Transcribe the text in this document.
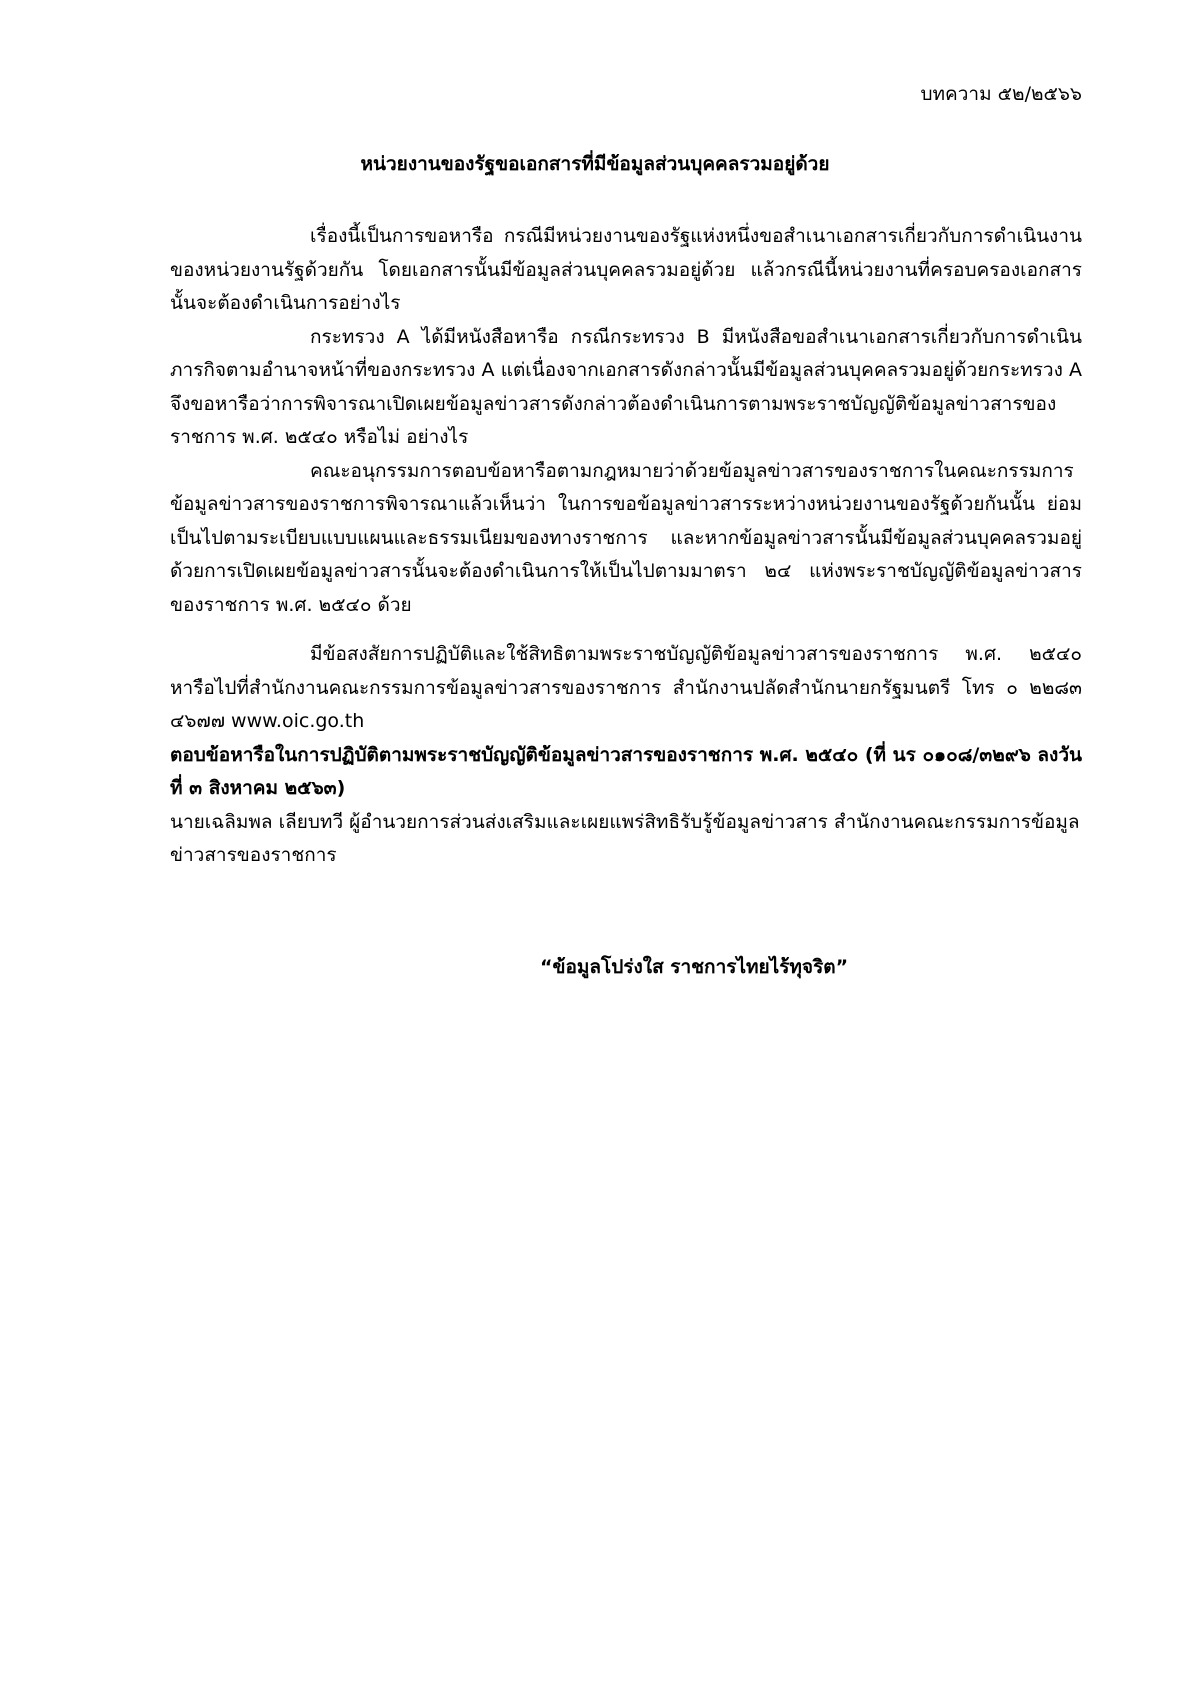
บทความ ๕๒/๒๕๖๖
หน่วยงานของรัฐขอเอกสารที่มีข้อมูลส่วนบุคคลรวมอยู่ด้วย

เรื่องนี้เป็นการขอหารือ กรณีมีหน่วยงานของรัฐแห่งหนึ่งขอสำเนาเอกสารเกี่ยวกับการดำเนินงานของหน่วยงานรัฐด้วยกัน โดยเอกสารนั้นมีข้อมูลส่วนบุคคลรวมอยู่ด้วย แล้วกรณีนี้หน่วยงานที่ครอบครองเอกสารนั้นจะต้องดำเนินการอย่างไร

กระทรวง A ได้มีหนังสือหารือ กรณีกระทรวง B มีหนังสือขอสำเนาเอกสารเกี่ยวกับการดำเนินภารกิจตามอำนาจหน้าที่ของกระทรวง A แต่เนื่องจากเอกสารดังกล่าวนั้นมีข้อมูลส่วนบุคคลรวมอยู่ด้วยกระทรวง A จึงขอหารือว่าการพิจารณาเปิดเผยข้อมูลข่าวสารดังกล่าวต้องดำเนินการตามพระราชบัญญัติข้อมูลข่าวสารของราชการ พ.ศ. ๒๕๔๐ หรือไม่ อย่างไร

คณะอนุกรรมการตอบข้อหารือตามกฎหมายว่าด้วยข้อมูลข่าวสารของราชการในคณะกรรมการข้อมูลข่าวสารของราชการพิจารณาแล้วเห็นว่า ในการขอข้อมูลข่าวสารระหว่างหน่วยงานของรัฐด้วยกันนั้น ย่อมเป็นไปตามระเบียบแบบแผนและธรรมเนียมของทางราชการ และหากข้อมูลข่าวสารนั้นมีข้อมูลส่วนบุคคลรวมอยู่ด้วยการเปิดเผยข้อมูลข่าวสารนั้นจะต้องดำเนินการให้เป็นไปตามมาตรา ๒๔ แห่งพระราชบัญญัติข้อมูลข่าวสารของราชการ พ.ศ. ๒๕๔๐ ด้วย

มีข้อสงสัยการปฏิบัติและใช้สิทธิตามพระราชบัญญัติข้อมูลข่าวสารของราชการ พ.ศ. ๒๕๔๐ หารือไปที่สำนักงานคณะกรรมการข้อมูลข่าวสารของราชการ สำนักงานปลัดสำนักนายกรัฐมนตรี โทร ๐ ๒๒๘๓ ๔๖๗๗ www.oic.go.th

ตอบข้อหารือในการปฏิบัติตามพระราชบัญญัติข้อมูลข่าวสารของราชการ พ.ศ. ๒๕๔๐ (ที่ นร ๐๑๐๘/๓๒๙๖ ลงวันที่ ๓ สิงหาคม ๒๕๖๓)

นายเฉลิมพล เลียบทวี ผู้อำนวยการส่วนส่งเสริมและเผยแพร่สิทธิรับรู้ข้อมูลข่าวสาร สำนักงานคณะกรรมการข้อมูลข่าวสารของราชการ

“ข้อมูลโปร่งใส ราชการไทยไร้ทุจริต”
